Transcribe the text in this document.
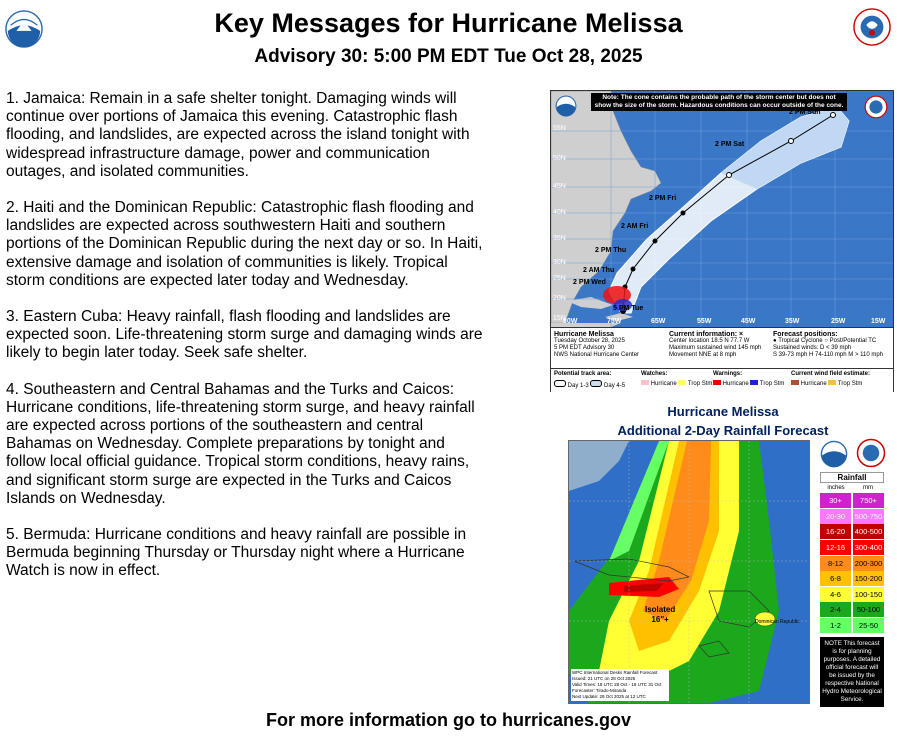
Key Messages for Hurricane Melissa
Advisory 30: 5:00 PM EDT Tue Oct 28, 2025

1. Jamaica: Remain in a safe shelter tonight. Damaging winds will continue over portions of Jamaica this evening. Catastrophic flash flooding, and landslides, are expected across the island tonight with widespread infrastructure damage, power and communication outages, and isolated communities.

2. Haiti and the Dominican Republic: Catastrophic flash flooding and landslides are expected across southwestern Haiti and southern portions of the Dominican Republic during the next day or so. In Haiti, extensive damage and isolation of communities is likely. Tropical storm conditions are expected later today and Wednesday.

3. Eastern Cuba: Heavy rainfall, flash flooding and landslides are expected soon. Life-threatening storm surge and damaging winds are likely to begin later today. Seek safe shelter.

4. Southeastern and Central Bahamas and the Turks and Caicos: Hurricane conditions, life-threatening storm surge, and heavy rainfall are expected across portions of the southeastern and central Bahamas on Wednesday. Complete preparations by tonight and follow local official guidance. Tropical storm conditions, heavy rains, and significant storm surge are expected in the Turks and Caicos Islands on Wednesday.

5. Bermuda: Hurricane conditions and heavy rainfall are possible in Bermuda beginning Thursday or Thursday night where a Hurricane Watch is now in effect.

Note: The cone contains the probable path of the storm center but does not show the size of the storm. Hazardous conditions can occur outside of the cone.
55N
50N
45N
40N
35N
30N
25N
20N
15N
80W	75W	65W	55W	45W	35W	25W	15W
2 PM Sun
2 PM Sat
2 PM Fri
2 AM Fri
2 PM Thu
2 AM Thu
2 PM Wed
5 PM Tue
Hurricane Melissa
Tuesday October 28, 2025
5 PM EDT Advisory 30
NWS National Hurricane Center
Current information: ×
Center location 18.5 N 77.7 W
Maximum sustained wind 145 mph
Movement NNE at 8 mph
Forecast positions:
● Tropical Cyclone ○ Post/Potential TC
Sustained winds: D < 39 mph
S 39-73 mph H 74-110 mph M > 110 mph
Potential track area:
Day 1-3	Day 4-5
Watches:
Hurricane Trop Stm
Warnings:
Hurricane Trop Stm
Current wind field estimate:
Hurricane Trop Stm
Hurricane Melissa
Additional 2-Day Rainfall Forecast
Isolated
16"+	Dominican Republic
WPC International Desks Rainfall Forecast
Issued: 21 UTC on 28 Oct 2025
Valid Times: 18 UTC 28 Oct - 18 UTC 31 Oct
Forecaster: Tirado-Miranda
Next Update: 29 Oct 2025 at 12 UTC
Rainfall
inches	mm
30+	750+
20-30	500-750
16-20	400-500
12-16	300-400
8-12	200-300
6-8	150-200
4-6	100-150
2-4	50-100
1-2	25-50
NOTE This forecast is for planning purposes. A detailed official forecast will be issued by the respective National Hydro Meteorological Service.
For more information go to hurricanes.gov
